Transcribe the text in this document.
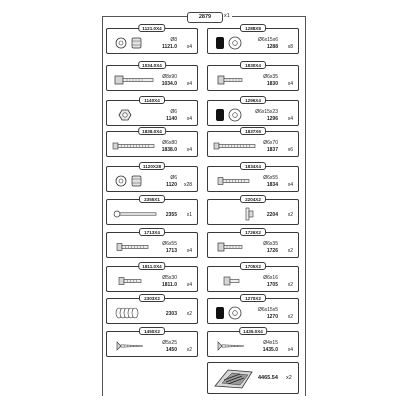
2879	x1
1121.0X4
Ø8
1121.0 x4
1288X8
Ø6x15x6
1288 x8
1034.0X4
Ø8x90
1034.0 x4
1830X4
Ø6x35
1830 x4
1140X4
Ø6
1140 x4
1296X4
Ø6x15x23
1296 x4
1838.0X4
Ø6x80
1838.0 x4
1837X6
Ø6x70
1837 x6
1120X28
Ø6
1120 x28
1834X4
Ø6x55
1834 x4
2355X1
2355 x1
2204X2
2204 x2
1713X4
Ø6x55
1713 x4
1726X2
Ø6x35
1726 x2
1811.0X4
Ø5x30
1811.0 x4
1705X2
Ø6x16
1705 x2
2303X2
2303 x2
1270X2
Ø6x15x5
1270 x2
1450X2
Ø5x25
1450 x2
1435.0X4
Ø4x15
1435.0 x4
4465.54 x2
